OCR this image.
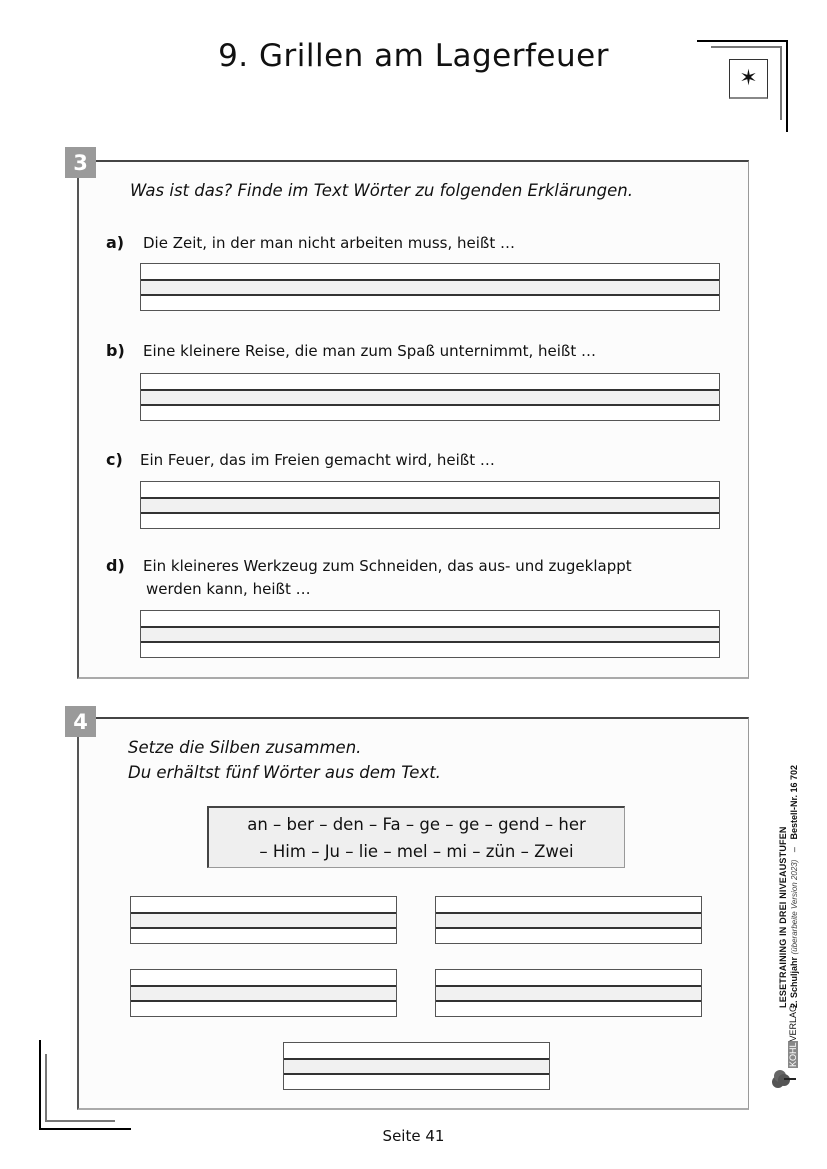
9. Grillen am Lagerfeuer
✶
3
Was ist das? Finde im Text Wörter zu folgenden Erklärungen.
a) Die Zeit, in der man nicht arbeiten muss, heißt …
b) Eine kleinere Reise, die man zum Spaß unternimmt, heißt …
c) Ein Feuer, das im Freien gemacht wird, heißt …
d) Ein kleineres Werkzeug zum Schneiden, das aus- und zugeklappt
werden kann, heißt …
4
Setze die Silben zusammen.
Du erhältst fünf Wörter aus dem Text.
an – ber – den – Fa – ge – ge – gend – her
– Him – Ju – lie – mel – mi – zün – Zwei
Seite 41
KOHLVERLAG
LESETRAINING IN DREI NIVEAUSTUFEN 2. Schuljahr (überarbeite Version 2023)   –   Bestell-Nr. 16 702
